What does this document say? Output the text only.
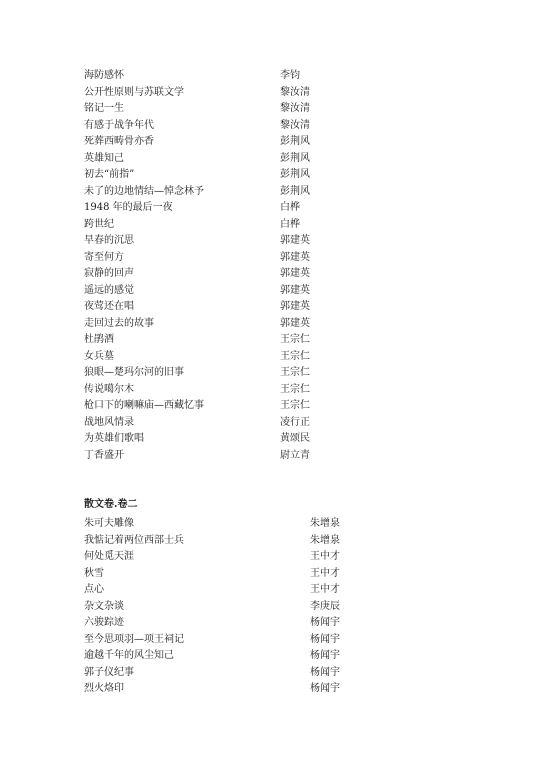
海防感怀	李钧
公开性原则与苏联文学	黎汝清
铭记一生	黎汝清
有感于战争年代	黎汝清
死葬西畴骨亦香	彭荆风
英雄知己	彭荆风
初去“前指”	彭荆风
未了的边地情结—悼念林予	彭荆风
1948 年的最后一夜	白桦
跨世纪	白桦
早春的沉思	郭建英
寄至何方	郭建英
寂静的回声	郭建英
遥远的感觉	郭建英
夜莺还在唱	郭建英
走回过去的故事	郭建英
杜鹃酒	王宗仁
女兵墓	王宗仁
狼眼—楚玛尔河的旧事	王宗仁
传说噶尔木	王宗仁
枪口下的喇嘛庙—西藏忆事	王宗仁
战地风情录	凌行正
为英雄们歌唱	黄颂民
丁香盛开	尉立青
散文卷.卷二
朱可夫雕像	朱增泉
我惦记着两位西部士兵	朱增泉
何处觅天涯	王中才
秋雪	王中才
点心	王中才
杂文杂谈	李庚辰
六骏踪迹	杨闻宇
至今思项羽—项王祠记	杨闻宇
逾越千年的风尘知己	杨闻宇
郭子仪纪事	杨闻宇
烈火烙印	杨闻宇
